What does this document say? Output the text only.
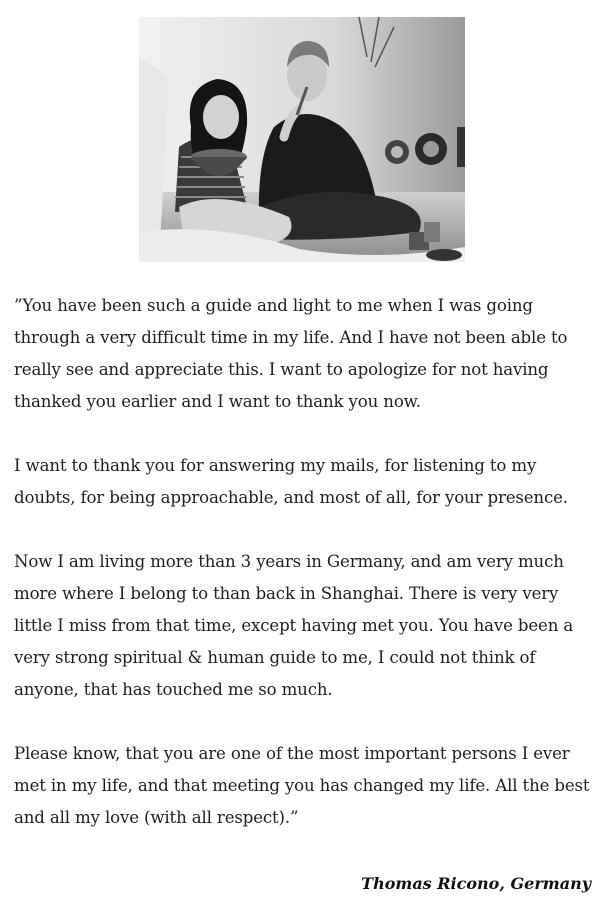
”You have been such a guide and light to me when I was going through a very difficult time in my life. And I have not been able to really see and appreciate this. I want to apologize for not having thanked you earlier and I want to thank you now.

I want to thank you for answering my mails, for listening to my doubts, for being approachable, and most of all, for your presence.

Now I am living more than 3 years in Germany, and am very much more where I belong to than back in Shanghai. There is very very little I miss from that time, except having met you. You have been a very strong spiritual & human guide to me, I could not think of anyone, that has touched me so much.

Please know, that you are one of the most important persons I ever met in my life, and that meeting you has changed my life. All the best and all my love (with all respect).”

Thomas Ricono, Germany
